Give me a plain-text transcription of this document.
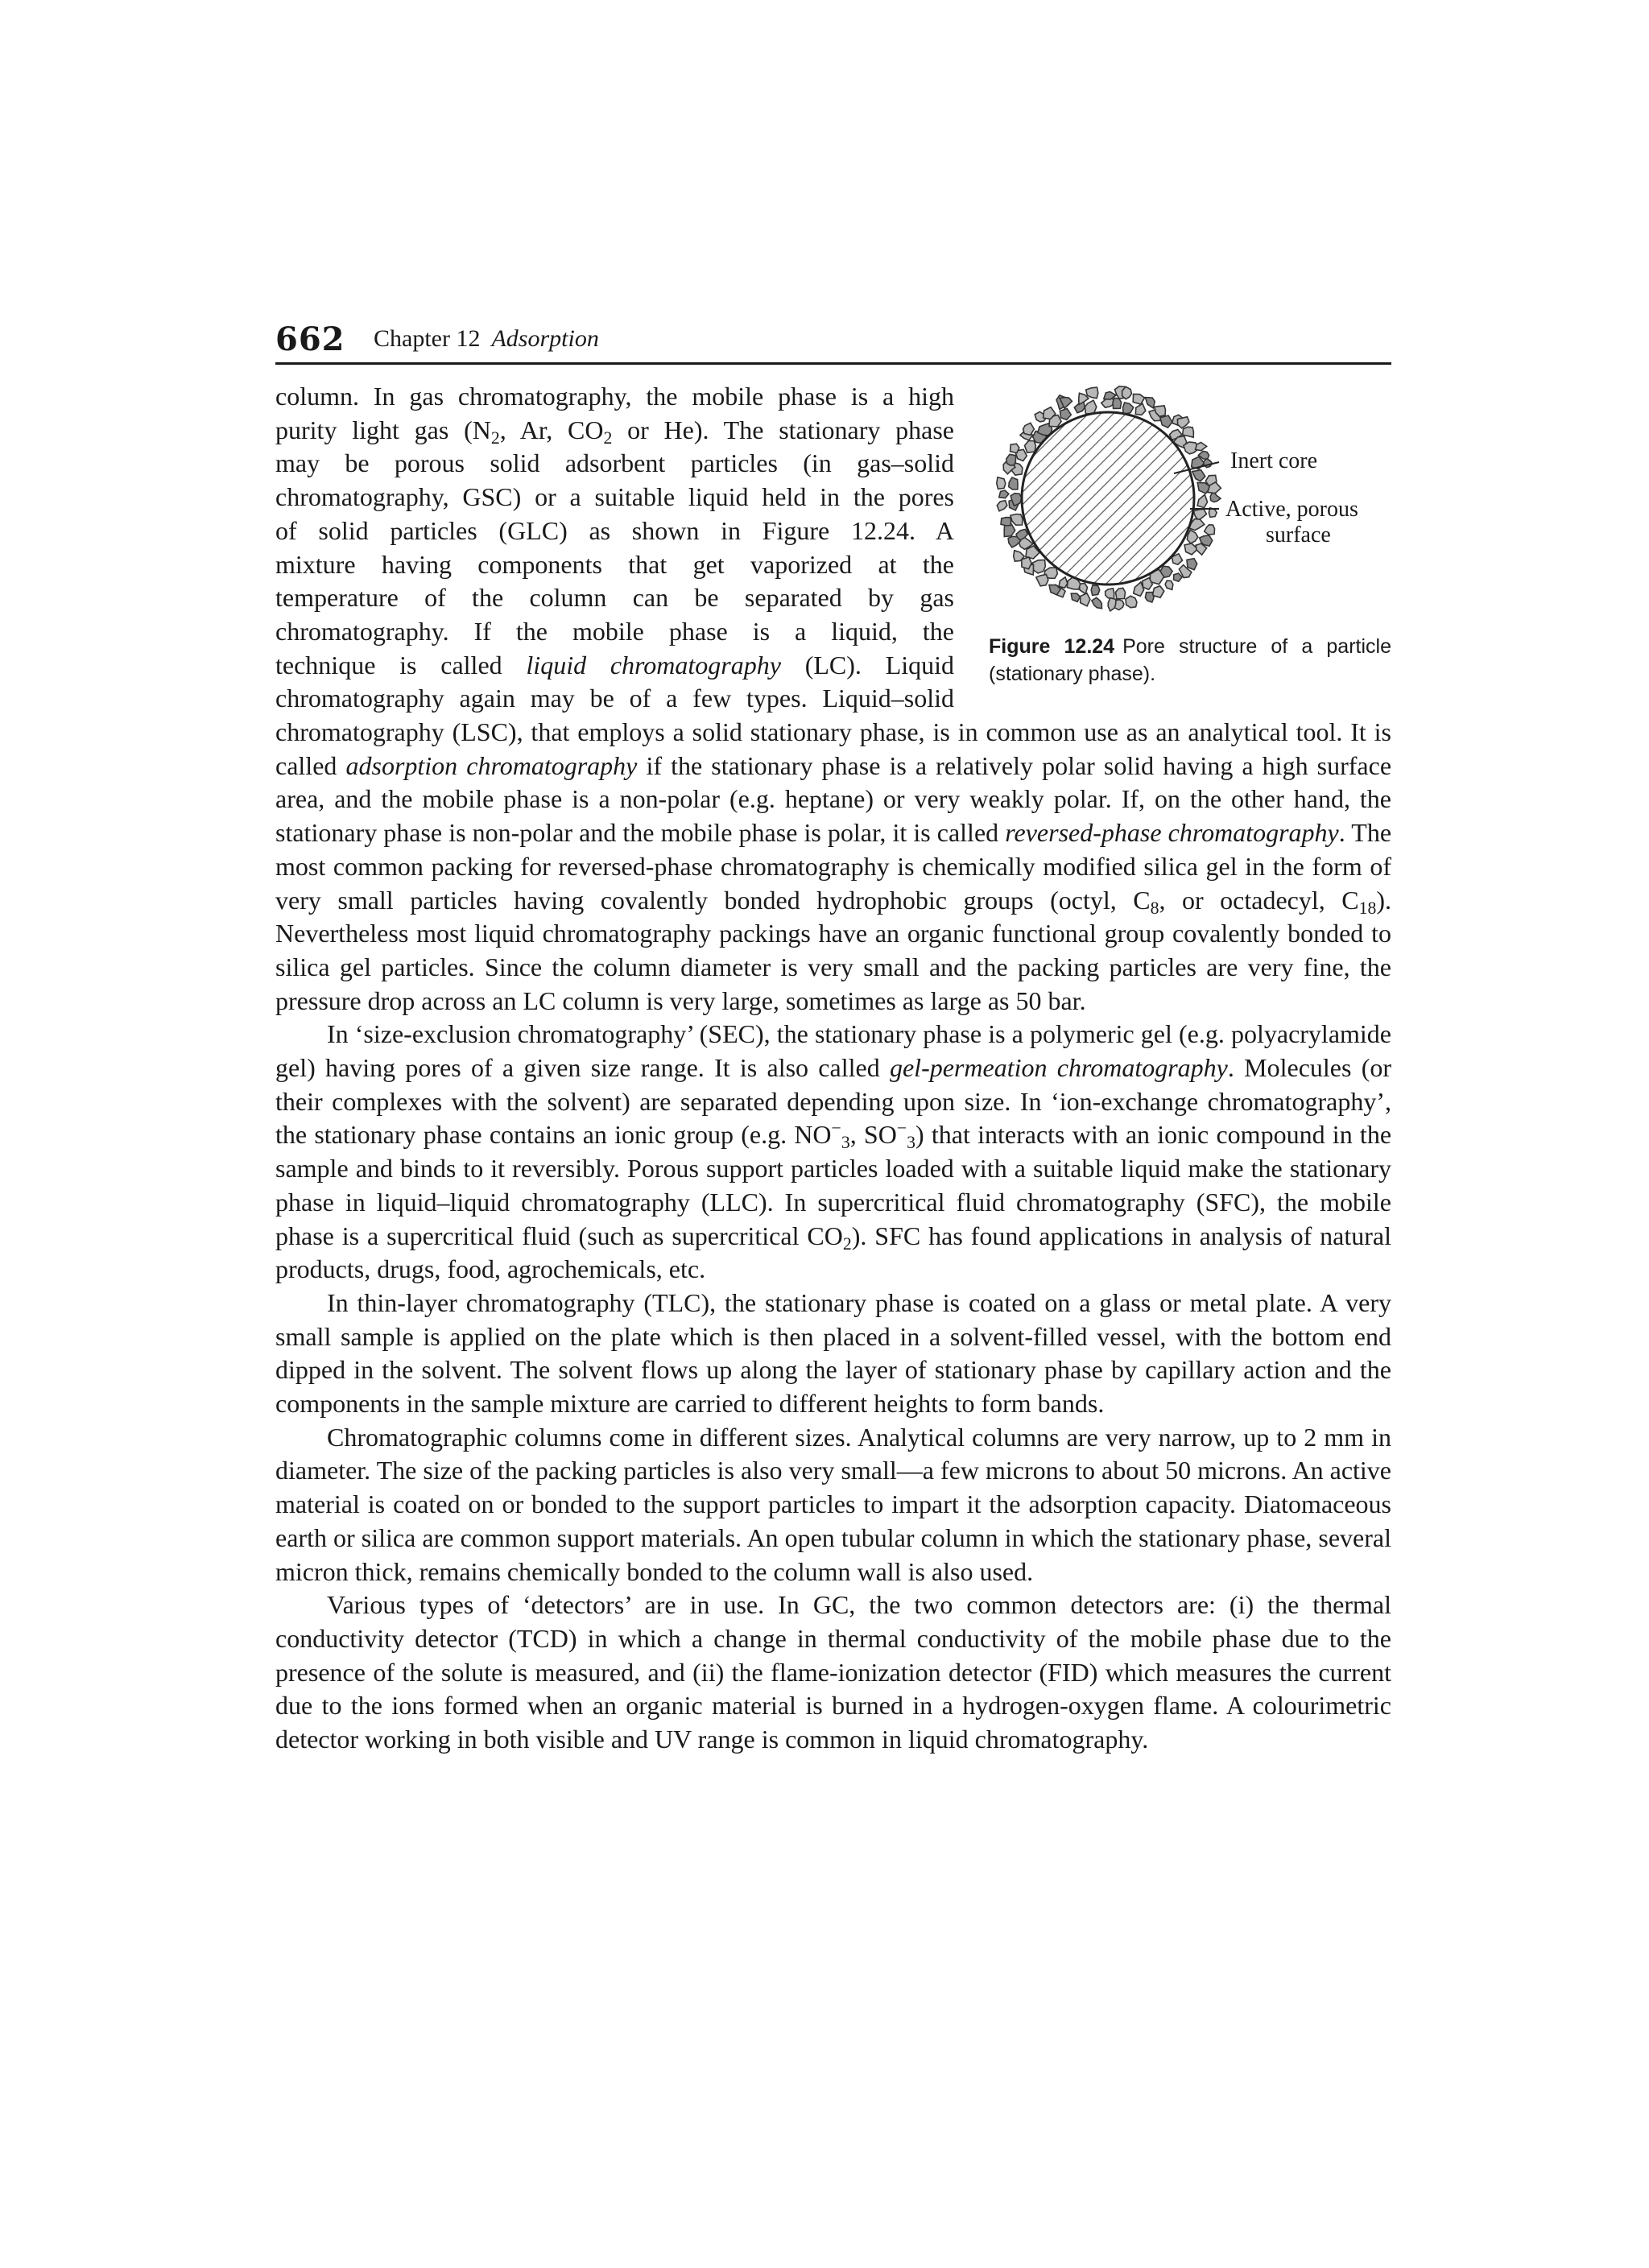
662 Chapter 12 Adsorption

column. In gas chromatography, the mobile phase is a high
purity light gas ($N_2$, Ar, $CO_2$ or He). The stationary phase
may be porous solid adsorbent particles (in gas–solid
chromatography, GSC) or a suitable liquid held in the pores
of solid particles (GLC) as shown in Figure 12.24. A
mixture having components that get vaporized at the
temperature of the column can be separated by gas
chromatography. If the mobile phase is a liquid, the
technique is called liquid chromatography (LC). Liquid
chromatography again may be of a few types. Liquid–solid

Inert core
Active, porous
surface
Figure 12.24 Pore structure of a particle (stationary phase).

chromatography (LSC), that employs a solid stationary phase, is in common use as an analytical tool. It is called adsorption chromatography if the stationary phase is a relatively polar solid having a high surface area, and the mobile phase is a non-polar (e.g. heptane) or very weakly polar. If, on the other hand, the stationary phase is non-polar and the mobile phase is polar, it is called reversed-phase chromatography. The most common packing for reversed-phase chromatography is chemically modified silica gel in the form of very small particles having covalently bonded hydrophobic groups (octyl, $C_8$, or octadecyl, $C_{18}$). Nevertheless most liquid chromatography packings have an organic functional group covalently bonded to silica gel particles. Since the column diameter is very small and the packing particles are very fine, the pressure drop across an LC column is very large, sometimes as large as 50 bar.

In ‘size-exclusion chromatography’ (SEC), the stationary phase is a polymeric gel (e.g. polyacrylamide gel) having pores of a given size range. It is also called gel-permeation chromatography. Molecules (or their complexes with the solvent) are separated depending upon size. In ‘ion-exchange chromatography’, the stationary phase contains an ionic group (e.g. $NO^-_3$, $SO^-_3$) that interacts with an ionic compound in the sample and binds to it reversibly. Porous support particles loaded with a suitable liquid make the stationary phase in liquid–liquid chromatography (LLC). In supercritical fluid chromatography (SFC), the mobile phase is a supercritical fluid (such as supercritical $CO_2$). SFC has found applications in analysis of natural products, drugs, food, agrochemicals, etc.

In thin-layer chromatography (TLC), the stationary phase is coated on a glass or metal plate. A very small sample is applied on the plate which is then placed in a solvent-filled vessel, with the bottom end dipped in the solvent. The solvent flows up along the layer of stationary phase by capillary action and the components in the sample mixture are carried to different heights to form bands.

Chromatographic columns come in different sizes. Analytical columns are very narrow, up to 2 mm in diameter. The size of the packing particles is also very small—a few microns to about 50 microns. An active material is coated on or bonded to the support particles to impart it the adsorption capacity. Diatomaceous earth or silica are common support materials. An open tubular column in which the stationary phase, several micron thick, remains chemically bonded to the column wall is also used.

Various types of ‘detectors’ are in use. In GC, the two common detectors are: (i) the thermal conductivity detector (TCD) in which a change in thermal conductivity of the mobile phase due to the presence of the solute is measured, and (ii) the flame-ionization detector (FID) which measures the current due to the ions formed when an organic material is burned in a hydrogen-oxygen flame. A colourimetric detector working in both visible and UV range is common in liquid chromatography.
